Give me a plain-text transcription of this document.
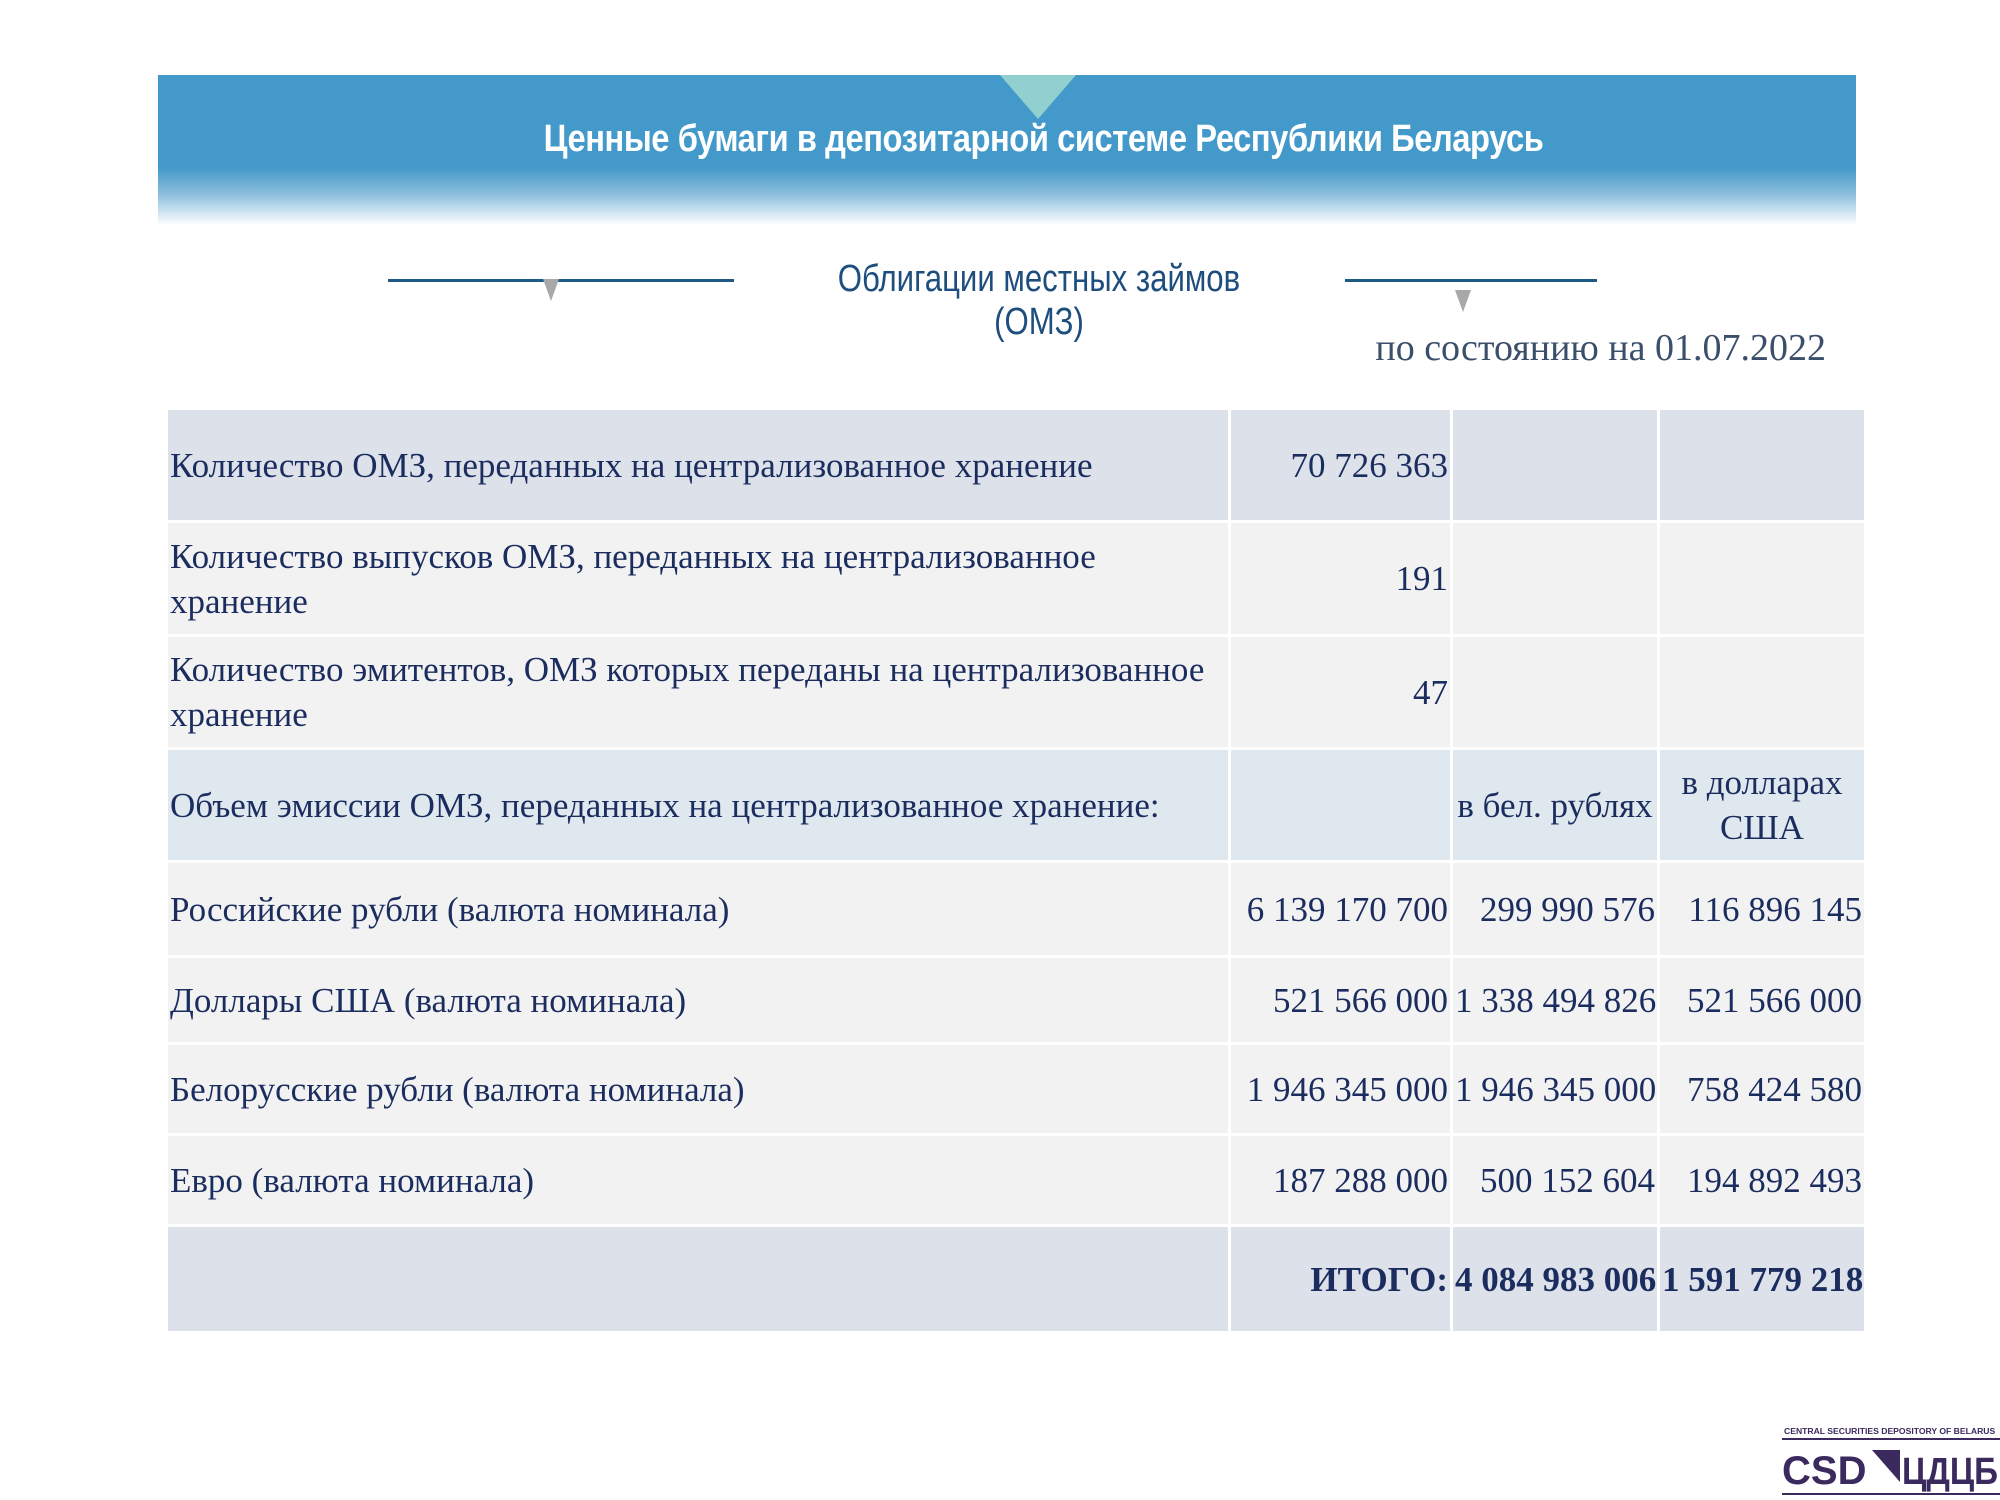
Ценные бумаги в депозитарной системе Республики Беларусь
Облигации местных займов (ОМЗ)
по состоянию на 01.07.2022
Количество ОМЗ, переданных на централизованное хранение	70 726 363		
Количество выпусков ОМЗ, переданных на централизованное хранение	191		
Количество эмитентов, ОМЗ которых переданы на централизованное хранение	47		
Объем эмиссии ОМЗ, переданных на централизованное хранение:		в бел. рублях	в долларах США
Российские рубли (валюта номинала)	6 139 170 700	299 990 576	116 896 145
Доллары США (валюта номинала)	521 566 000	1 338 494 826	521 566 000
Белорусские рубли (валюта номинала)	1 946 345 000	1 946 345 000	758 424 580
Евро (валюта номинала)	187 288 000	500 152 604	194 892 493
	ИТОГО:	4 084 983 006	1 591 779 218
CENTRAL SECURITIES DEPOSITORY OF BELARUS
CSD ЦДЦБ
